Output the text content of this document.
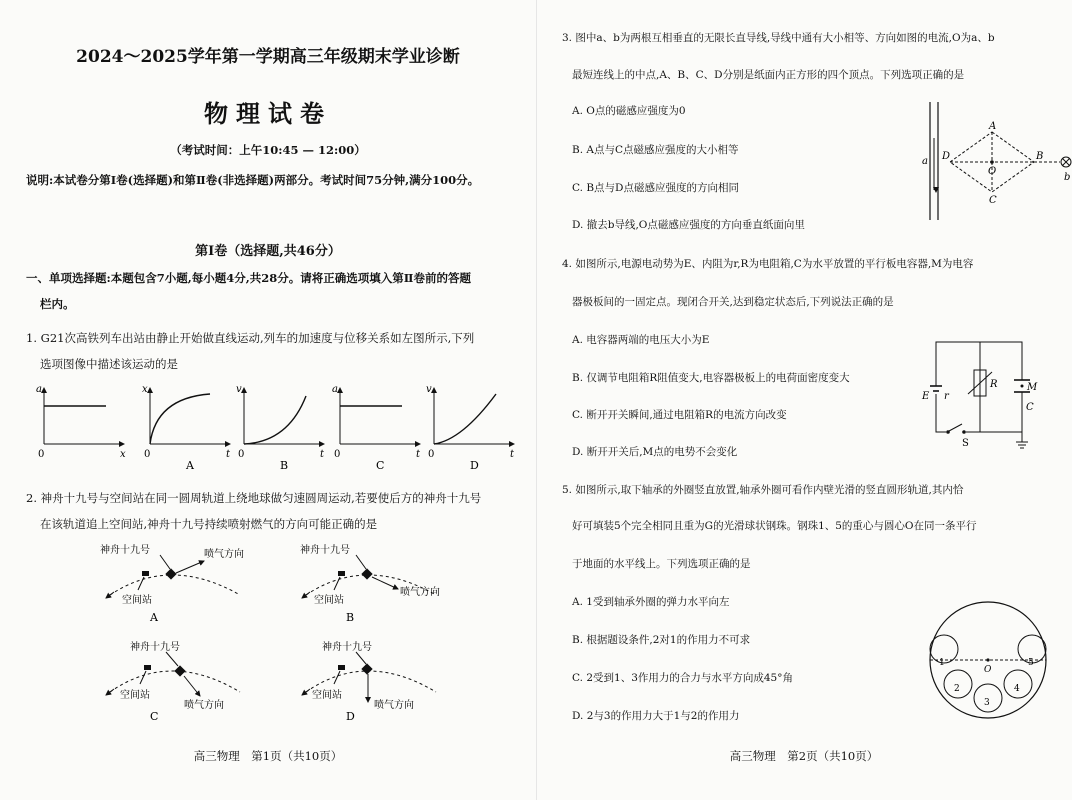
2024～2025学年第一学期高三年级期末学业诊断
物理试卷
（考试时间：上午10:45 — 12:00）
说明:本试卷分第Ⅰ卷(选择题)和第Ⅱ卷(非选择题)两部分。考试时间75分钟,满分100分。
第Ⅰ卷（选择题,共46分）
一、单项选择题:本题包含7小题,每小题4分,共28分。请将正确选项填入第Ⅱ卷前的答题
栏内。
1. G21次高铁列车出站由静止开始做直线运动,列车的加速度与位移关系如左图所示,下列
选项图像中描述该运动的是
a
x
0
x
t
0
A
v
t
0
B
a
t
0
C
v
t
0
D
2. 神舟十九号与空间站在同一圆周轨道上绕地球做匀速圆周运动,若要使后方的神舟十九号
在该轨道追上空间站,神舟十九号持续喷射燃气的方向可能正确的是
神舟十九号	喷气方向
空间站
A
神舟十九号
喷气方向
空间站
B
神舟十九号
喷气方向
空间站
C
神舟十九号
喷气方向
空间站
D
高三物理　第1页（共10页）
3. 图中a、b为两根互相垂直的无限长直导线,导线中通有大小相等、方向如图的电流,O为a、b
最短连线上的中点,A、B、C、D分别是纸面内正方形的四个顶点。下列选项正确的是
A. O点的磁感应强度为0
B. A点与C点磁感应强度的大小相等
C. B点与D点磁感应强度的方向相同
D. 撤去b导线,O点磁感应强度的方向垂直纸面向里
a
b
A
B
C
D
O
4. 如图所示,电源电动势为E、内阻为r,R为电阻箱,C为水平放置的平行板电容器,M为电容
器极板间的一固定点。现闭合开关,达到稳定状态后,下列说法正确的是
A. 电容器两端的电压大小为E
B. 仅调节电阻箱R阻值变大,电容器极板上的电荷面密度变大
C. 断开开关瞬间,通过电阻箱R的电流方向改变
D. 断开开关后,M点的电势不会变化
E r
R	M
C
S
5. 如图所示,取下轴承的外圈竖直放置,轴承外圈可看作内壁光滑的竖直圆形轨道,其内恰
好可填装5个完全相同且重为G的光滑球状钢珠。钢珠1、5的重心与圆心O在同一条平行
于地面的水平线上。下列选项正确的是
A. 1受到轴承外圈的弹力水平向左
B. 根据题设条件,2对1的作用力不可求
C. 2受到1、3作用力的合力与水平方向成45°角
D. 2与3的作用力大于1与2的作用力
1
2
3
4
5
O
高三物理　第2页（共10页）
